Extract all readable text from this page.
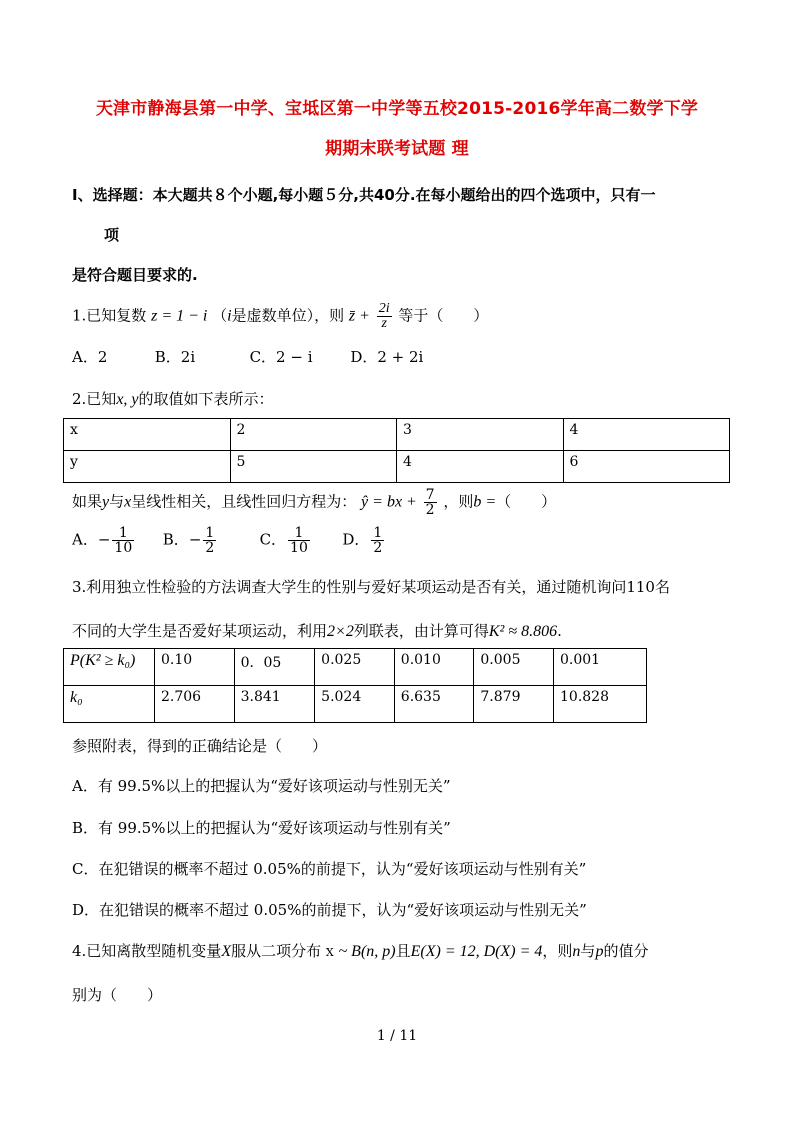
天津市静海县第一中学、宝坻区第一中学等五校2015-2016学年高二数学下学
期期末联考试题 理
Ⅰ、选择题：本大题共８个小题,每小题５分,共40分.在每小题给出的四个选项中，只有一
项
是符合题目要求的.
1.已知复数 z = 1 − i （i是虚数单位），则 z̄ + $\frac{2i}{z}$ 等于（　　）
A．2	B．2i	C．2 − i	D．2 + 2i
2.已知x, y的取值如下表所示：
x	2	3	4
y	5	4	6
如果y与x呈线性相关，且线性回归方程为： ŷ = bx + $\frac{7}{2}$ ，则b =（　　）
A．− $\frac{1}{10}$ B．− $\frac{1}{2}$	C． $\frac{1}{10}$ D． $\frac{1}{2}$
3.利用独立性检验的方法调查大学生的性别与爱好某项运动是否有关，通过随机询问110名
不同的大学生是否爱好某项运动，利用2×2列联表，由计算可得K² ≈ 8.806.
P(K² ≥ k₀)	0.10	0．05	0.025	0.010	0.005	0.001
k₀	2.706	3.841	5.024	6.635	7.879	10.828
参照附表，得到的正确结论是（　　）
A．有 99.5%以上的把握认为“爱好该项运动与性别无关”
B．有 99.5%以上的把握认为“爱好该项运动与性别有关”
C．在犯错误的概率不超过 0.05%的前提下，认为“爱好该项运动与性别有关”
D．在犯错误的概率不超过 0.05%的前提下，认为“爱好该项运动与性别无关”
4.已知离散型随机变量X服从二项分布 X ~ B(n, p)且E(X) = 12, D(X) = 4，则n与p的值分
别为（　　）
1 / 11
